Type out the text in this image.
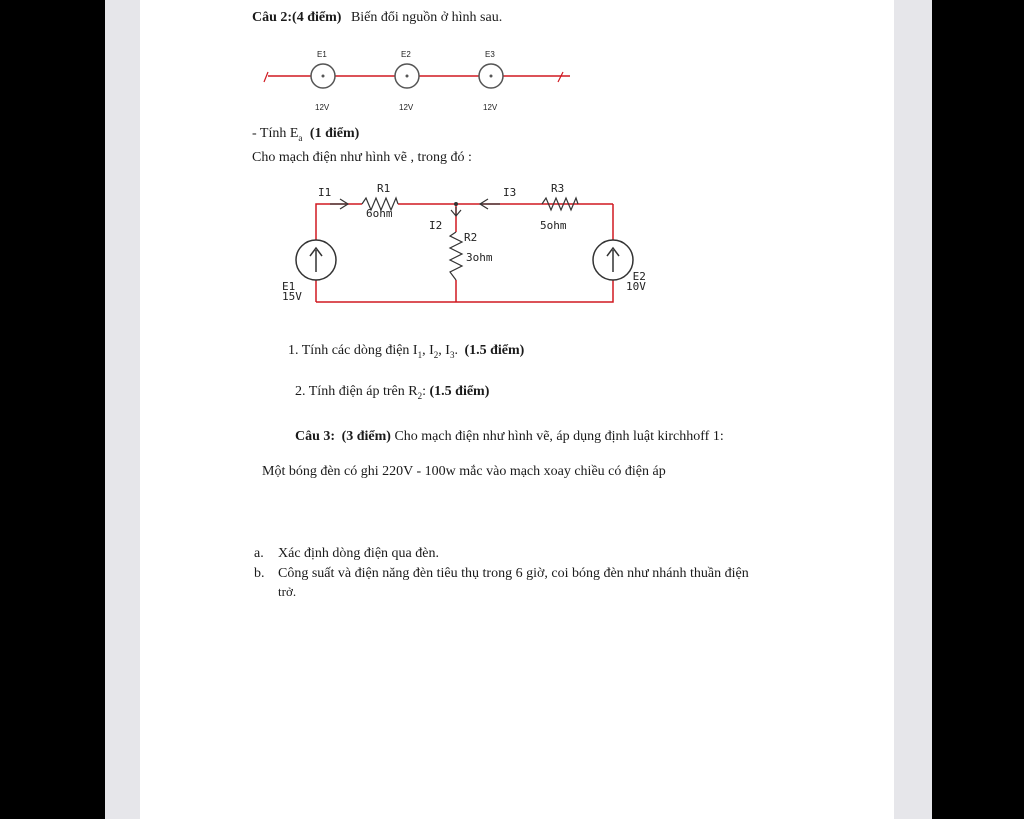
Câu 2:(4 điểm) Biến đổi nguồn ở hình sau.
E1	E2	E3
12V	12V	12V
- Tính $E_a$ (1 điểm)
Cho mạch điện như hình vẽ , trong đó :
I1	R1
6ohm
I3	R3
5ohm
I2
R2
3ohm
E1
15V
E2
10V
1. Tính các dòng điện $I_1$, $I_2$, $I_3$. (1.5 điểm)
2. Tính điện áp trên $R_2$: (1.5 điểm)
Câu 3: (3 điểm) Cho mạch điện như hình vẽ, áp dụng định luật kirchhoff 1:
Một bóng đèn có ghi 220V - 100w mắc vào mạch xoay chiều có điện áp
a. Xác định dòng điện qua đèn.
b. Công suất và điện năng đèn tiêu thụ trong 6 giờ, coi bóng đèn như nhánh thuần điện
trở.
